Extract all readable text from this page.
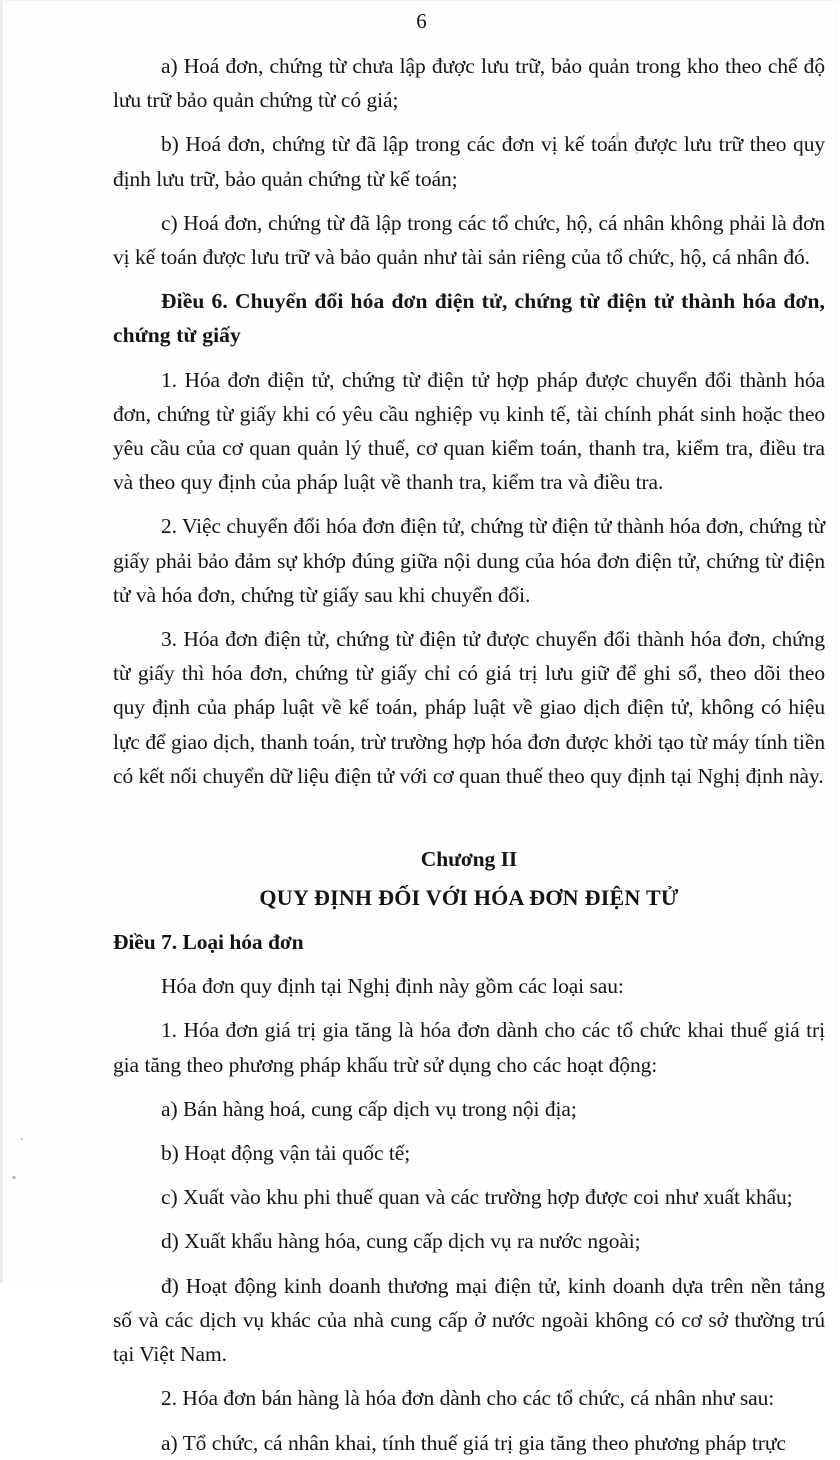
6

a) Hoá đơn, chứng từ chưa lập được lưu trữ, bảo quản trong kho theo chế độ lưu trữ bảo quản chứng từ có giá;

b) Hoá đơn, chứng từ đã lập trong các đơn vị kế toán được lưu trữ theo quy định lưu trữ, bảo quản chứng từ kế toán;

c) Hoá đơn, chứng từ đã lập trong các tổ chức, hộ, cá nhân không phải là đơn vị kế toán được lưu trữ và bảo quản như tài sản riêng của tổ chức, hộ, cá nhân đó.

Điều 6. Chuyển đổi hóa đơn điện tử, chứng từ điện tử thành hóa đơn, chứng từ giấy

1. Hóa đơn điện tử, chứng từ điện tử hợp pháp được chuyển đổi thành hóa đơn, chứng từ giấy khi có yêu cầu nghiệp vụ kinh tế, tài chính phát sinh hoặc theo yêu cầu của cơ quan quản lý thuế, cơ quan kiểm toán, thanh tra, kiểm tra, điều tra và theo quy định của pháp luật về thanh tra, kiểm tra và điều tra.

2. Việc chuyển đổi hóa đơn điện tử, chứng từ điện tử thành hóa đơn, chứng từ giấy phải bảo đảm sự khớp đúng giữa nội dung của hóa đơn điện tử, chứng từ điện tử và hóa đơn, chứng từ giấy sau khi chuyển đổi.

3. Hóa đơn điện tử, chứng từ điện tử được chuyển đổi thành hóa đơn, chứng từ giấy thì hóa đơn, chứng từ giấy chỉ có giá trị lưu giữ để ghi sổ, theo dõi theo quy định của pháp luật về kế toán, pháp luật về giao dịch điện tử, không có hiệu lực để giao dịch, thanh toán, trừ trường hợp hóa đơn được khởi tạo từ máy tính tiền có kết nối chuyển dữ liệu điện tử với cơ quan thuế theo quy định tại Nghị định này.

Chương II

QUY ĐỊNH ĐỐI VỚI HÓA ĐƠN ĐIỆN TỬ

Điều 7. Loại hóa đơn

Hóa đơn quy định tại Nghị định này gồm các loại sau:

1. Hóa đơn giá trị gia tăng là hóa đơn dành cho các tổ chức khai thuế giá trị gia tăng theo phương pháp khấu trừ sử dụng cho các hoạt động:

a) Bán hàng hoá, cung cấp dịch vụ trong nội địa;

b) Hoạt động vận tải quốc tế;

c) Xuất vào khu phi thuế quan và các trường hợp được coi như xuất khẩu;

d) Xuất khẩu hàng hóa, cung cấp dịch vụ ra nước ngoài;

đ) Hoạt động kinh doanh thương mại điện tử, kinh doanh dựa trên nền tảng số và các dịch vụ khác của nhà cung cấp ở nước ngoài không có cơ sở thường trú tại Việt Nam.

2. Hóa đơn bán hàng là hóa đơn dành cho các tổ chức, cá nhân như sau:

a) Tổ chức, cá nhân khai, tính thuế giá trị gia tăng theo phương pháp trực
